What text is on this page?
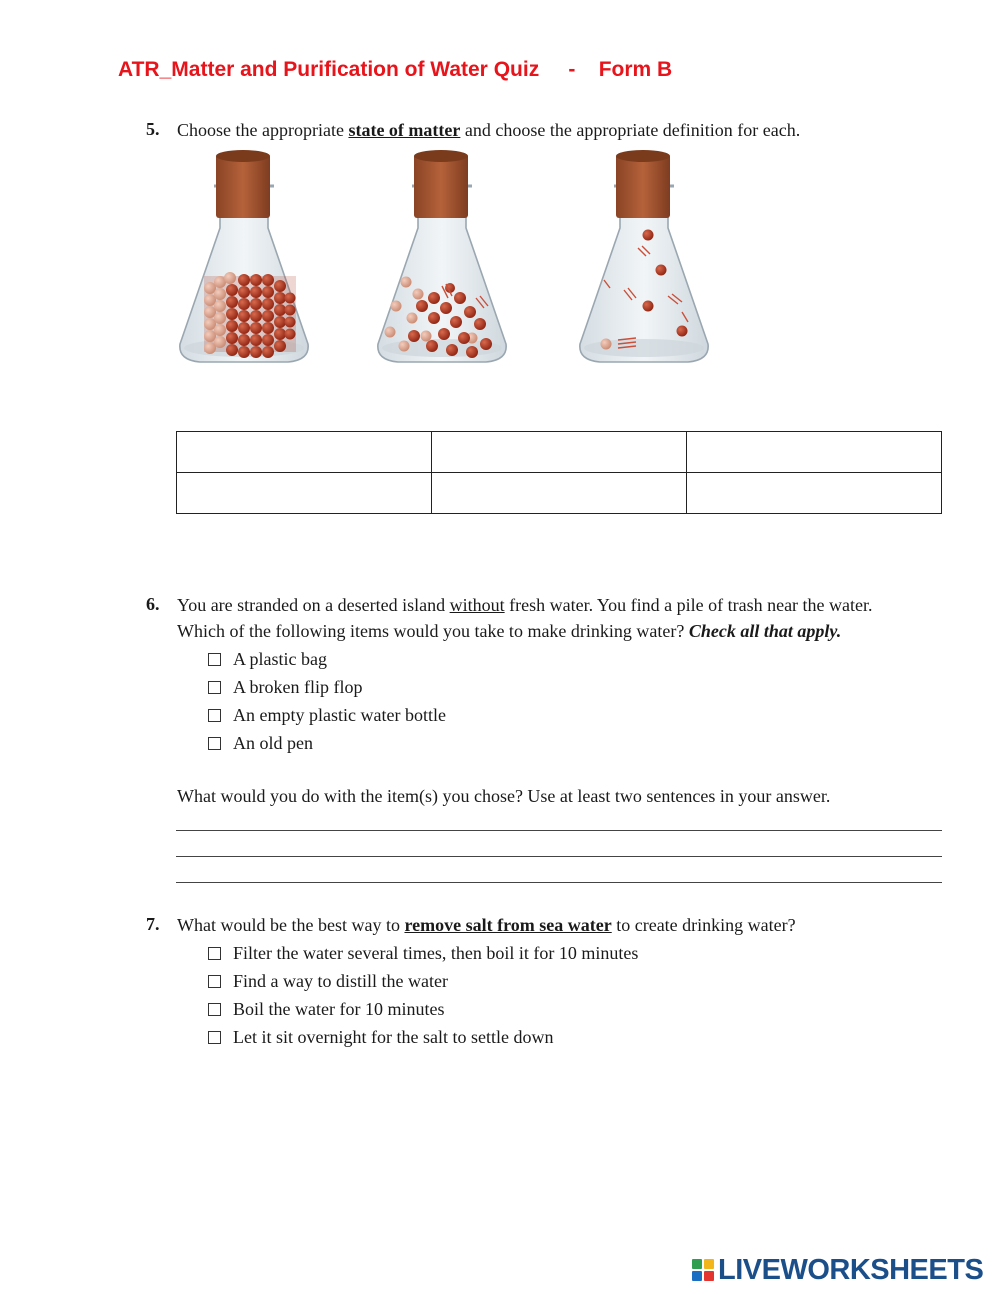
ATR_Matter and Purification of Water Quiz     -    Form B
5. Choose the appropriate state of matter and choose the appropriate definition for each.

6. You are stranded on a deserted island without fresh water. You find a pile of trash near the water.
Which of the following items would you take to make drinking water? Check all that apply.
A plastic bag
A broken flip flop
An empty plastic water bottle
An old pen
What would you do with the item(s) you chose? Use at least two sentences in your answer.
7. What would be the best way to remove salt from sea water to create drinking water?
Filter the water several times, then boil it for 10 minutes
Find a way to distill the water
Boil the water for 10 minutes
Let it sit overnight for the salt to settle down
LIVEWORKSHEETS
